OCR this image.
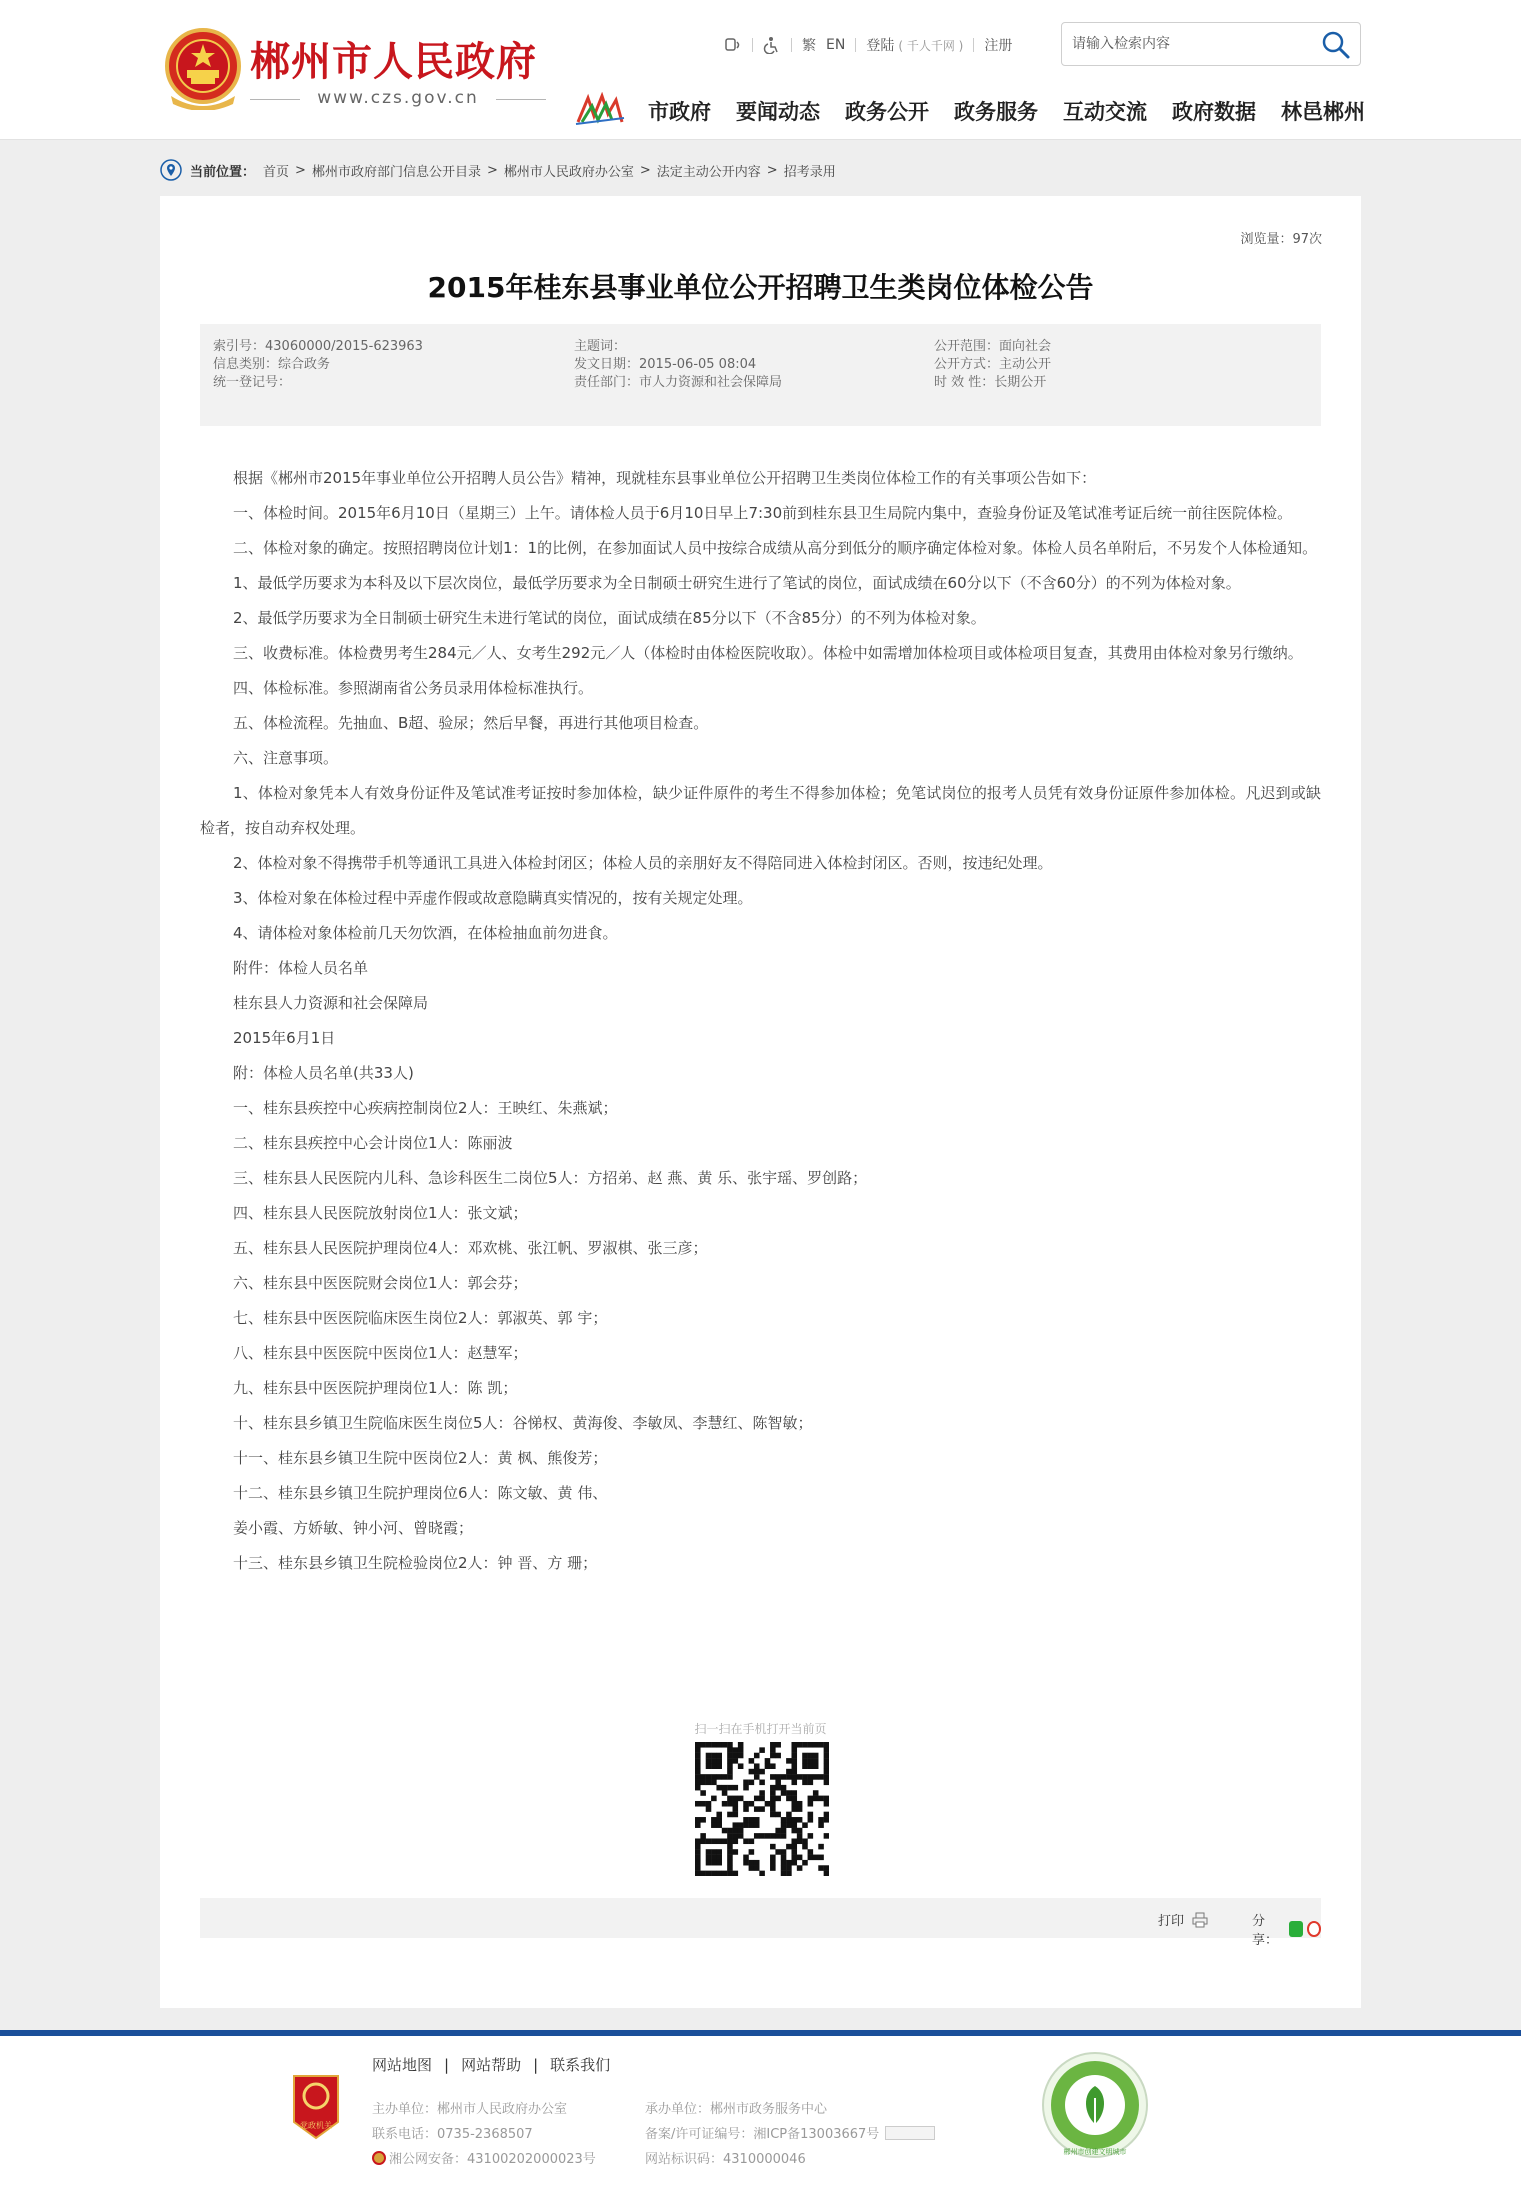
郴州市人民政府
www.czs.gov.cn
繁 EN 登陆 ( 千人千网 ) 注册
请输入检索内容
市政府 要闻动态 政务公开 政务服务 互动交流 政府数据 林邑郴州
当前位置： 首页 > 郴州市政府部门信息公开目录 > 郴州市人民政府办公室 > 法定主动公开内容 > 招考录用
浏览量：97次
2015年桂东县事业单位公开招聘卫生类岗位体检公告
索引号：43060000/2015-623963
信息类别：综合政务
统一登记号：
主题词：
发文日期：2015-06-05 08:04
责任部门：市人力资源和社会保障局
公开范围：面向社会
公开方式：主动公开
时 效 性：长期公开

根据《郴州市2015年事业单位公开招聘人员公告》精神，现就桂东县事业单位公开招聘卫生类岗位体检工作的有关事项公告如下：

一、体检时间。2015年6月10日（星期三）上午。请体检人员于6月10日早上7:30前到桂东县卫生局院内集中，查验身份证及笔试准考证后统一前往医院体检。

二、体检对象的确定。按照招聘岗位计划1：1的比例，在参加面试人员中按综合成绩从高分到低分的顺序确定体检对象。体检人员名单附后，不另发个人体检通知。

1、最低学历要求为本科及以下层次岗位，最低学历要求为全日制硕士研究生进行了笔试的岗位，面试成绩在60分以下（不含60分）的不列为体检对象。

2、最低学历要求为全日制硕士研究生未进行笔试的岗位，面试成绩在85分以下（不含85分）的不列为体检对象。

三、收费标准。体检费男考生284元／人、女考生292元／人（体检时由体检医院收取）。体检中如需增加体检项目或体检项目复查，其费用由体检对象另行缴纳。

四、体检标准。参照湖南省公务员录用体检标准执行。

五、体检流程。先抽血、B超、验尿；然后早餐，再进行其他项目检查。

六、注意事项。

1、体检对象凭本人有效身份证件及笔试准考证按时参加体检，缺少证件原件的考生不得参加体检；免笔试岗位的报考人员凭有效身份证原件参加体检。凡迟到或缺检者，按自动弃权处理。

2、体检对象不得携带手机等通讯工具进入体检封闭区；体检人员的亲朋好友不得陪同进入体检封闭区。否则，按违纪处理。

3、体检对象在体检过程中弄虚作假或故意隐瞒真实情况的，按有关规定处理。

4、请体检对象体检前几天勿饮酒，在体检抽血前勿进食。

附件：体检人员名单

桂东县人力资源和社会保障局

2015年6月1日

附：体检人员名单(共33人)

一、桂东县疾控中心疾病控制岗位2人：王映红、朱燕斌；

二、桂东县疾控中心会计岗位1人：陈丽波

三、桂东县人民医院内儿科、急诊科医生二岗位5人：方招弟、赵 燕、黄 乐、张宇瑶、罗创路；

四、桂东县人民医院放射岗位1人：张文斌；

五、桂东县人民医院护理岗位4人：邓欢桃、张江帆、罗淑棋、张三彦；

六、桂东县中医医院财会岗位1人：郭会芬；

七、桂东县中医医院临床医生岗位2人：郭淑英、郭 宇；

八、桂东县中医医院中医岗位1人：赵慧军；

九、桂东县中医医院护理岗位1人：陈 凯；

十、桂东县乡镇卫生院临床医生岗位5人：谷悌权、黄海俊、李敏凤、李慧红、陈智敏；

十一、桂东县乡镇卫生院中医岗位2人：黄 枫、熊俊芳；

十二、桂东县乡镇卫生院护理岗位6人：陈文敏、黄 伟、

姜小霞、方娇敏、钟小河、曾晓霞；

十三、桂东县乡镇卫生院检验岗位2人：钟 晋、方 珊；

扫一扫在手机打开当前页
打印	分享：
党政机关
网站地图 | 网站帮助 | 联系我们
主办单位：郴州市人民政府办公室
联系电话：0735-2368507
湘公网安备：43100202000023号
承办单位：郴州市政务服务中心
备案/许可证编号：湘ICP备13003667号
网站标识码：4310000046	郴州市创建文明城市
